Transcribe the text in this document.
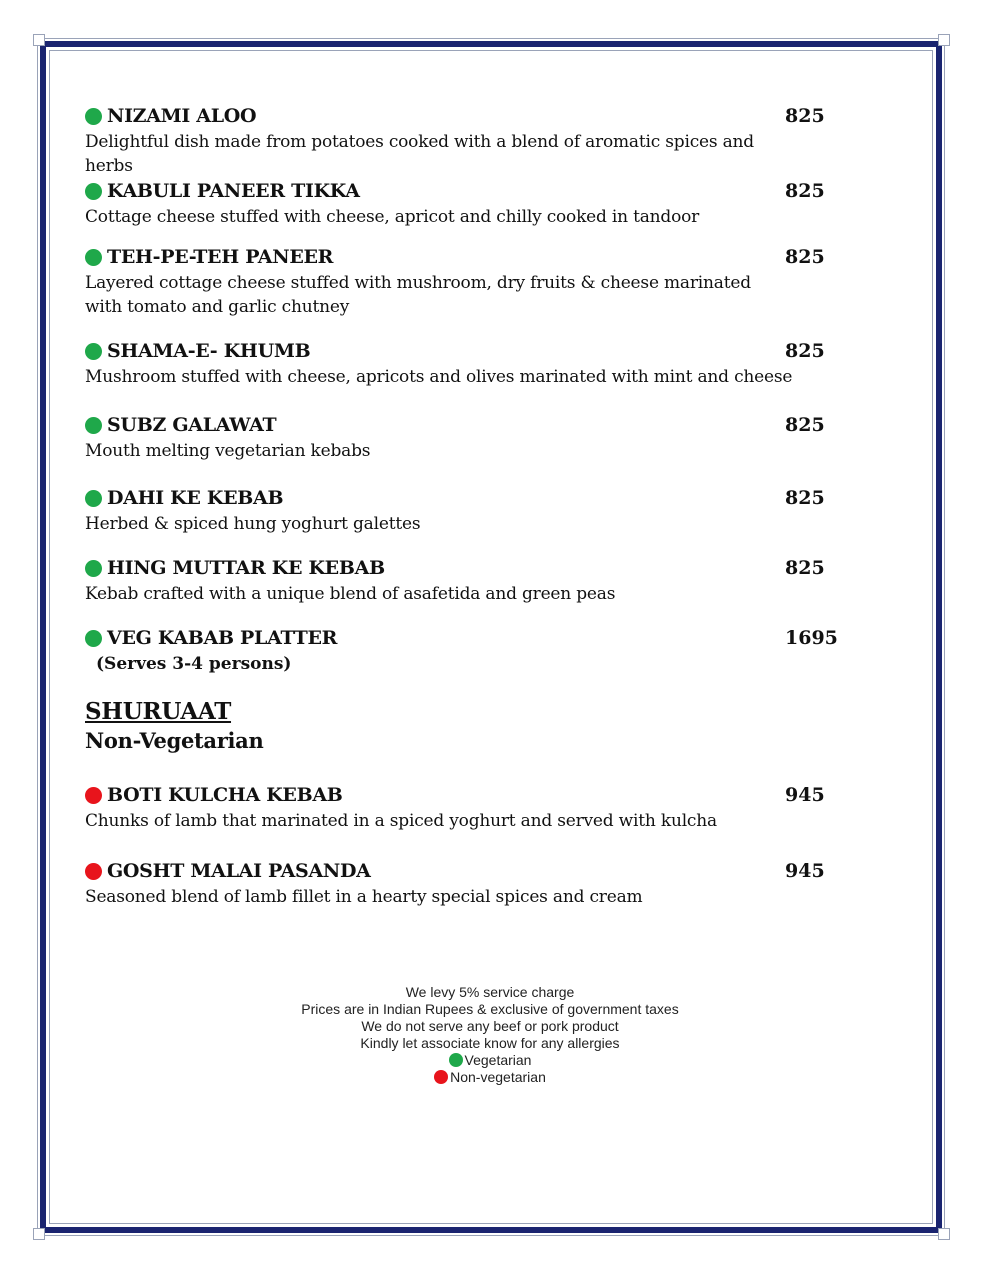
NIZAMI ALOO	825
Delightful dish made from potatoes cooked with a blend of aromatic spices and herbs
KABULI PANEER TIKKA	825
Cottage cheese stuffed with cheese, apricot and chilly cooked in tandoor
TEH-PE-TEH PANEER	825
Layered cottage cheese stuffed with mushroom, dry fruits & cheese marinated with tomato and garlic chutney
SHAMA-E- KHUMB	825
Mushroom stuffed with cheese, apricots and olives marinated with mint and cheese
SUBZ GALAWAT	825
Mouth melting vegetarian kebabs
DAHI KE KEBAB	825
Herbed & spiced hung yoghurt galettes
HING MUTTAR KE KEBAB	825
Kebab crafted with a unique blend of asafetida and green peas
VEG KABAB PLATTER	1695
(Serves 3-4 persons)
SHURUAAT
Non-Vegetarian
BOTI KULCHA KEBAB	945
Chunks of lamb that marinated in a spiced yoghurt and served with kulcha
GOSHT MALAI PASANDA	945
Seasoned blend of lamb fillet in a hearty special spices and cream
We levy 5% service charge
Prices are in Indian Rupees & exclusive of government taxes
We do not serve any beef or pork product
Kindly let associate know for any allergies
Vegetarian
Non-vegetarian
